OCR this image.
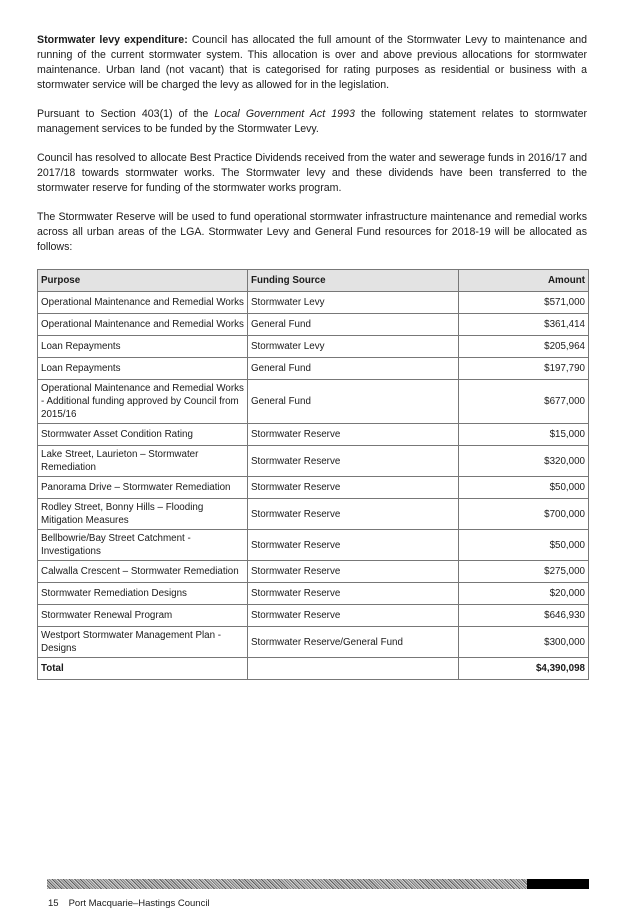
Stormwater levy expenditure: Council has allocated the full amount of the Stormwater Levy to maintenance and running of the current stormwater system. This allocation is over and above previous allocations for stormwater maintenance. Urban land (not vacant) that is categorised for rating purposes as residential or business with a stormwater service will be charged the levy as allowed for in the legislation.

Pursuant to Section 403(1) of the Local Government Act 1993 the following statement relates to stormwater management services to be funded by the Stormwater Levy.

Council has resolved to allocate Best Practice Dividends received from the water and sewerage funds in 2016/17 and 2017/18 towards stormwater works. The Stormwater levy and these dividends have been transferred to the stormwater reserve for funding of the stormwater works program.

The Stormwater Reserve will be used to fund operational stormwater infrastructure maintenance and remedial works across all urban areas of the LGA. Stormwater Levy and General Fund resources for 2018-19 will be allocated as follows:

Purpose	Funding Source	Amount
Operational Maintenance and Remedial Works	Stormwater Levy	$571,000
Operational Maintenance and Remedial Works	General Fund	$361,414
Loan Repayments	Stormwater Levy	$205,964
Loan Repayments	General Fund	$197,790
Operational Maintenance and Remedial Works - Additional funding approved by Council from 2015/16	General Fund	$677,000
Stormwater Asset Condition Rating	Stormwater Reserve	$15,000
Lake Street, Laurieton – Stormwater Remediation	Stormwater Reserve	$320,000
Panorama Drive – Stormwater Remediation	Stormwater Reserve	$50,000
Rodley Street, Bonny Hills – Flooding Mitigation Measures	Stormwater Reserve	$700,000
Bellbowrie/Bay Street Catchment - Investigations	Stormwater Reserve	$50,000
Calwalla Crescent – Stormwater Remediation	Stormwater Reserve	$275,000
Stormwater Remediation Designs	Stormwater Reserve	$20,000
Stormwater Renewal Program	Stormwater Reserve	$646,930
Westport Stormwater Management Plan - Designs	Stormwater Reserve/General Fund	$300,000
Total		$4,390,098
15 Port Macquarie–Hastings Council
